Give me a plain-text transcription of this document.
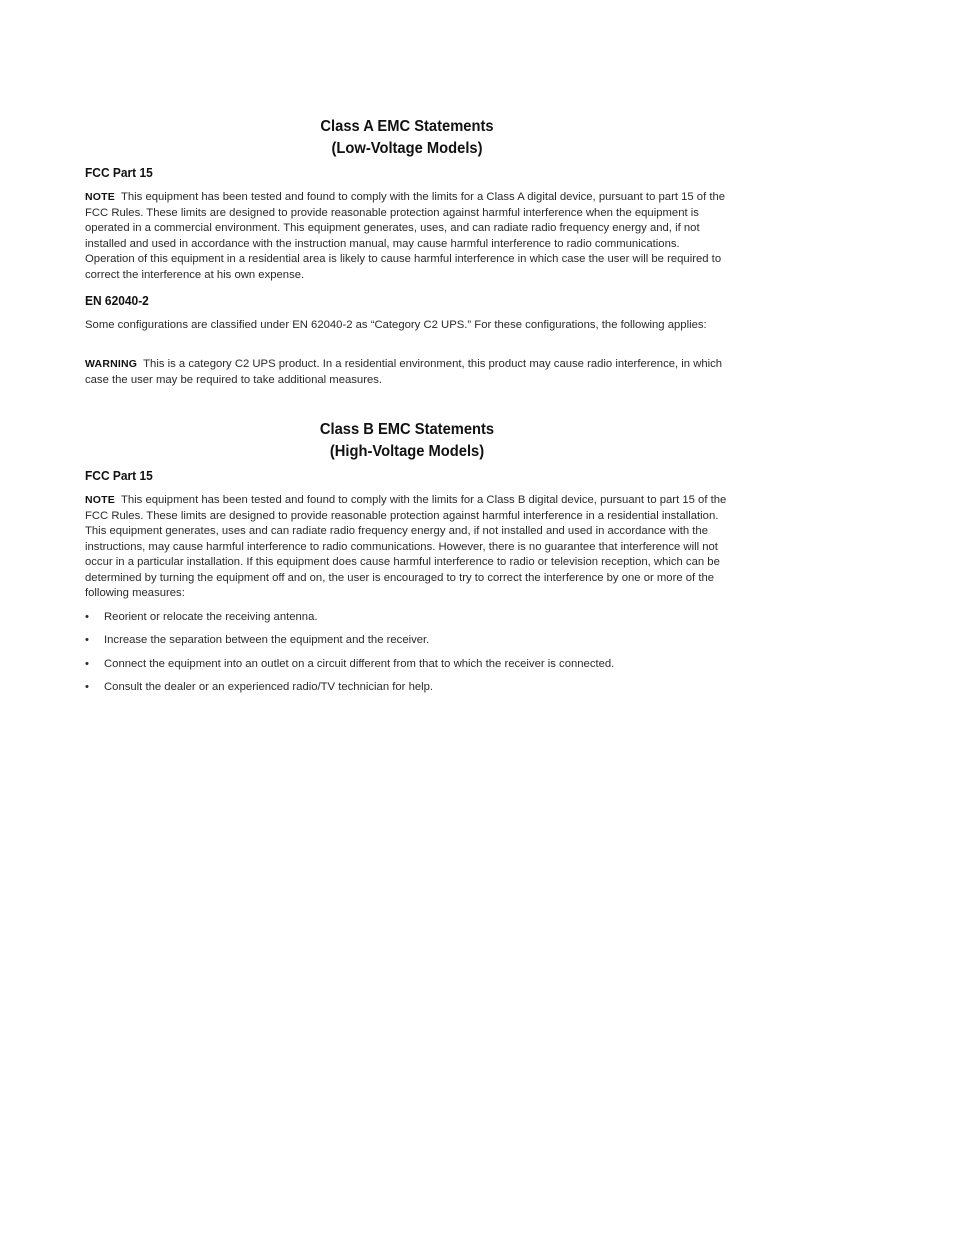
Class A EMC Statements
(Low-Voltage Models)
FCC Part 15

NOTE This equipment has been tested and found to comply with the limits for a Class A digital device, pursuant to part 15 of the FCC Rules. These limits are designed to provide reasonable protection against harmful interference when the equipment is operated in a commercial environment. This equipment generates, uses, and can radiate radio frequency energy and, if not installed and used in accordance with the instruction manual, may cause harmful interference to radio communications. Operation of this equipment in a residential area is likely to cause harmful interference in which case the user will be required to correct the interference at his own expense.

EN 62040-2

Some configurations are classified under EN 62040-2 as “Category C2 UPS.” For these configurations, the following applies:

WARNING This is a category C2 UPS product. In a residential environment, this product may cause radio interference, in which case the user may be required to take additional measures.

Class B EMC Statements
(High-Voltage Models)
FCC Part 15

NOTE This equipment has been tested and found to comply with the limits for a Class B digital device, pursuant to part 15 of the FCC Rules. These limits are designed to provide reasonable protection against harmful interference in a residential installation. This equipment generates, uses and can radiate radio frequency energy and, if not installed and used in accordance with the instructions, may cause harmful interference to radio communications. However, there is no guarantee that interference will not occur in a particular installation. If this equipment does cause harmful interference to radio or television reception, which can be determined by turning the equipment off and on, the user is encouraged to try to correct the interference by one or more of the following measures:

• Reorient or relocate the receiving antenna.
• Increase the separation between the equipment and the receiver.
• Connect the equipment into an outlet on a circuit different from that to which the receiver is connected.
• Consult the dealer or an experienced radio/TV technician for help.
